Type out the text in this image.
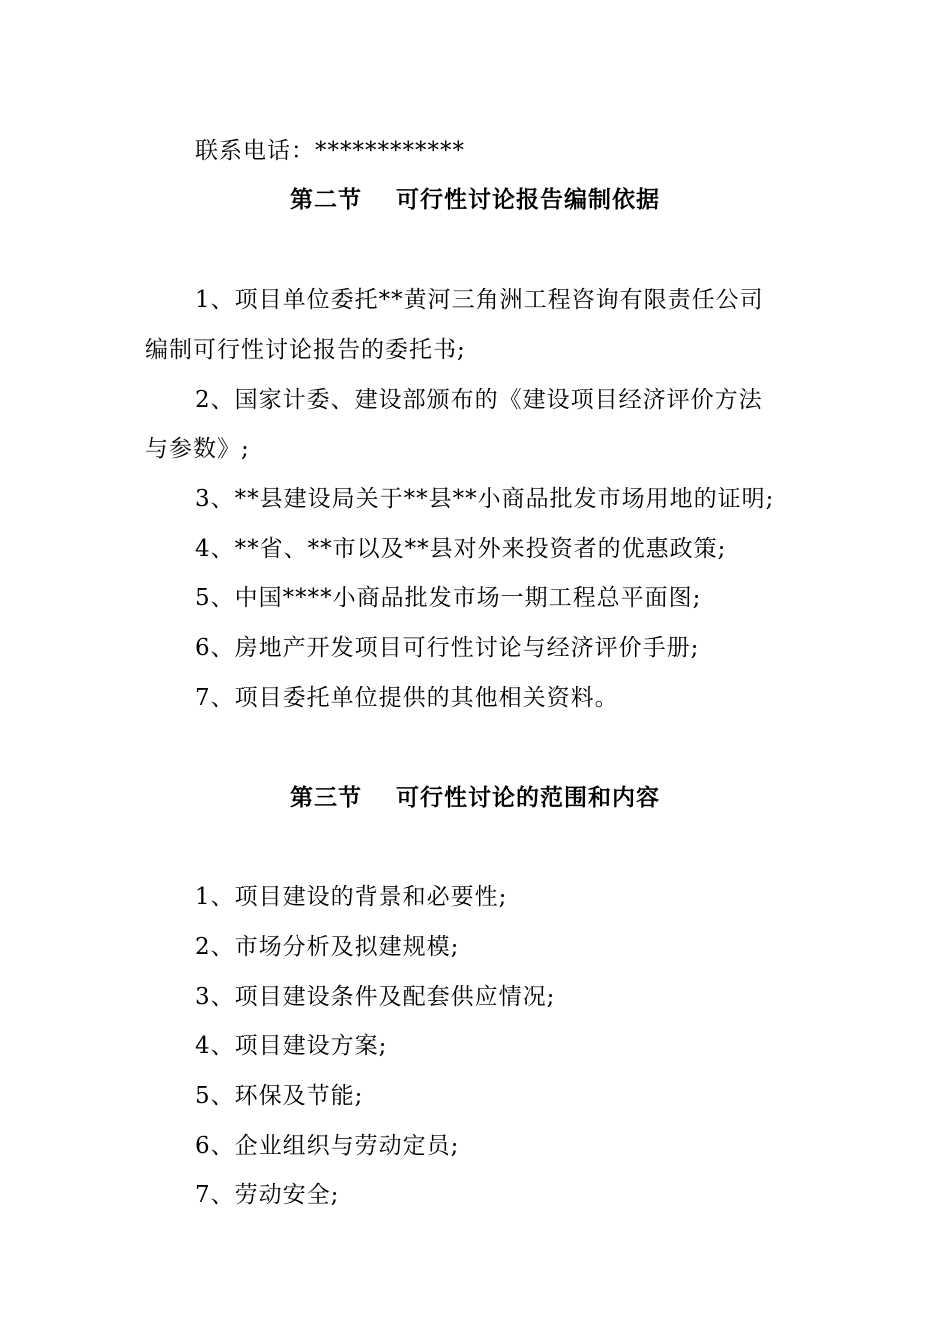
联系电话：************
第二节 可行性讨论报告编制依据
1、项目单位委托**黄河三角洲工程咨询有限责任公司
编制可行性讨论报告的委托书;
2、国家计委、建设部颁布的《建设项目经济评价方法
与参数》;
3、**县建设局关于**县**小商品批发市场用地的证明;
4、**省、**市以及**县对外来投资者的优惠政策;
5、中国****小商品批发市场一期工程总平面图;
6、房地产开发项目可行性讨论与经济评价手册;
7、项目委托单位提供的其他相关资料。
第三节 可行性讨论的范围和内容
1、项目建设的背景和必要性;
2、市场分析及拟建规模;
3、项目建设条件及配套供应情况;
4、项目建设方案;
5、环保及节能;
6、企业组织与劳动定员;
7、劳动安全;
